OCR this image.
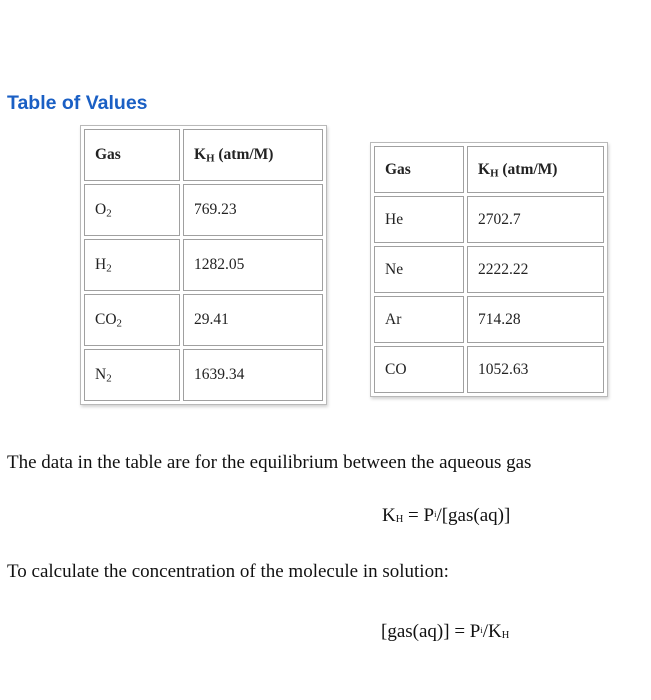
Table of Values
Gas	$K_H$ (atm/M)
$O_2$	769.23
$H_2$	1282.05
$CO_2$	29.41
$N_2$	1639.34
Gas	$K_H$ (atm/M)
He	2702.7
Ne	2222.22
Ar	714.28
CO	1052.63
The data in the table are for the equilibrium between the aqueous gas
$K_H = P^i/[gas(aq)]$
To calculate the concentration of the molecule in solution:
$[gas(aq)] = P^i/K_H$
